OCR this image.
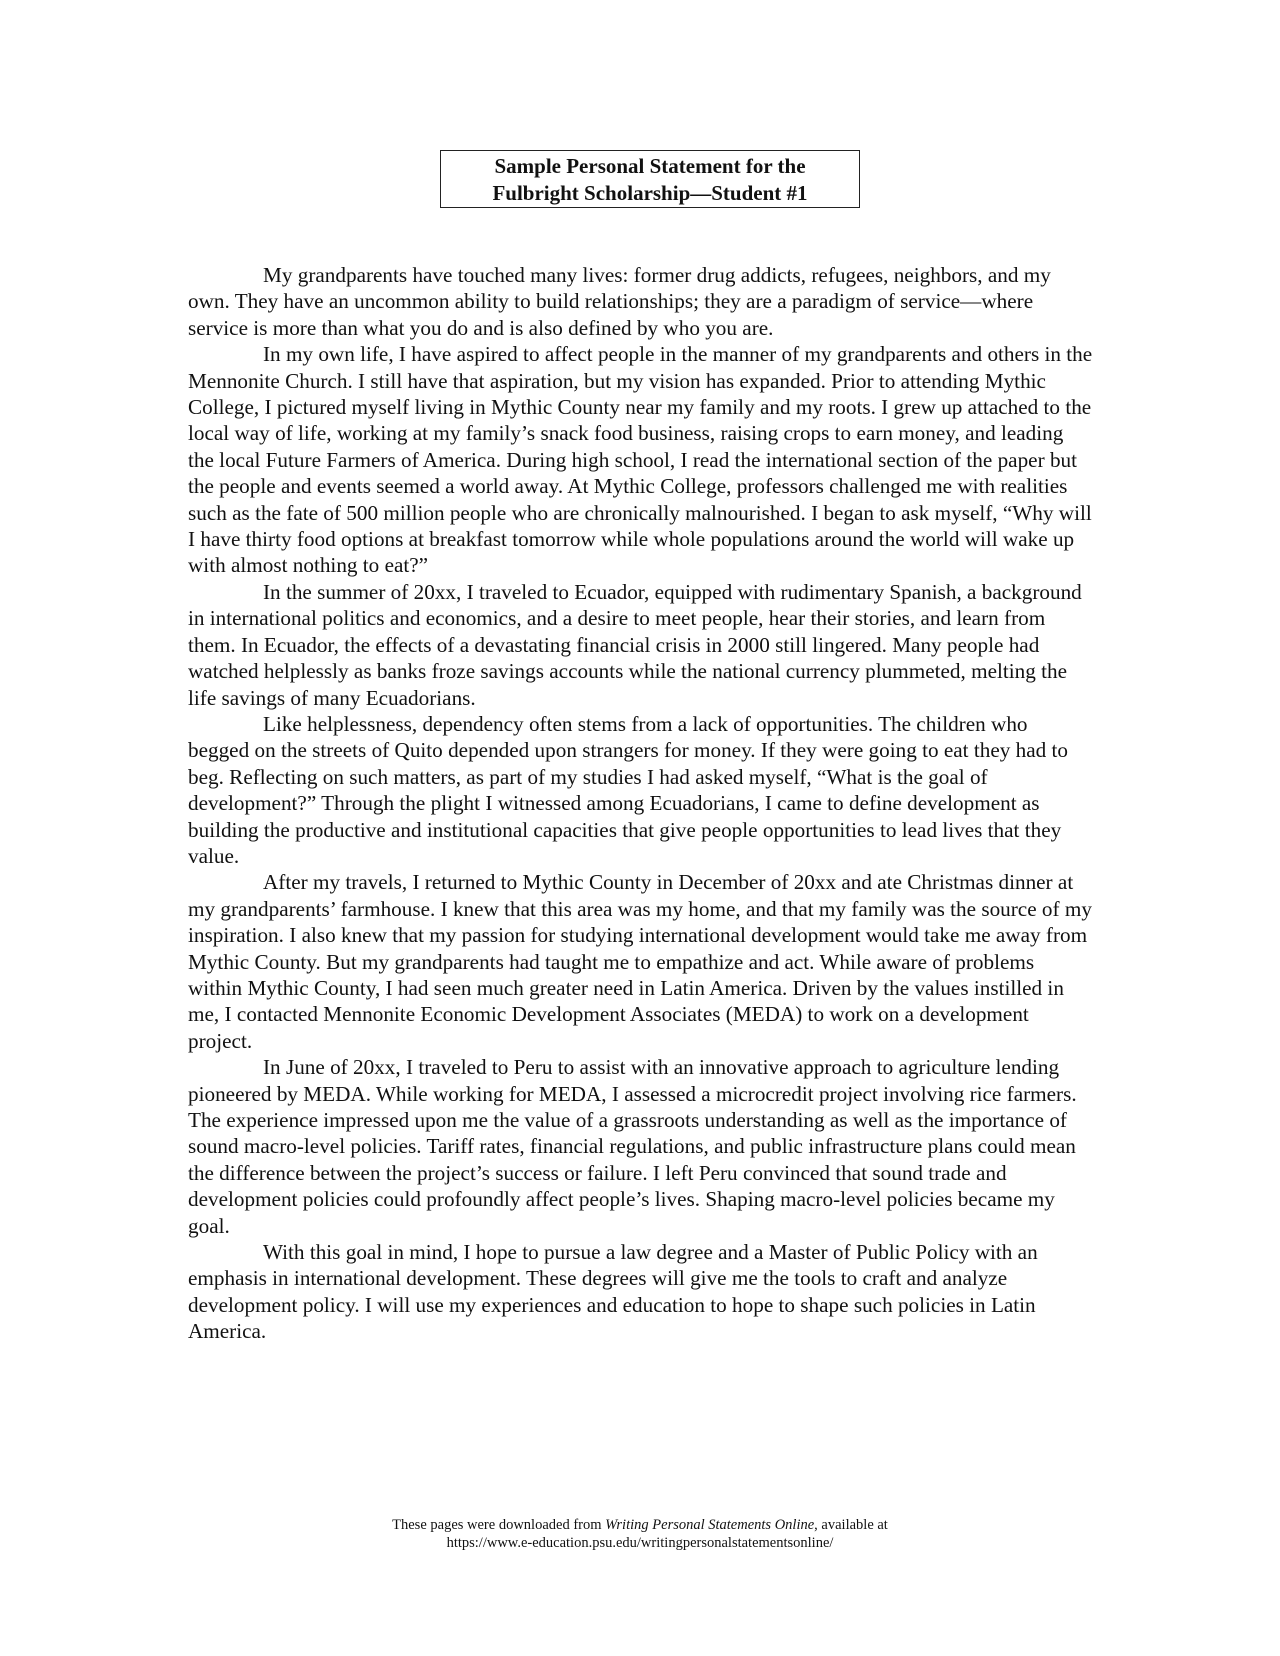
Sample Personal Statement for the
Fulbright Scholarship—Student #1

My grandparents have touched many lives: former drug addicts, refugees, neighbors, and my own. They have an uncommon ability to build relationships; they are a paradigm of service—where service is more than what you do and is also defined by who you are.

In my own life, I have aspired to affect people in the manner of my grandparents and others in the Mennonite Church. I still have that aspiration, but my vision has expanded. Prior to attending Mythic College, I pictured myself living in Mythic County near my family and my roots. I grew up attached to the local way of life, working at my family’s snack food business, raising crops to earn money, and leading the local Future Farmers of America. During high school, I read the international section of the paper but the people and events seemed a world away. At Mythic College, professors challenged me with realities such as the fate of 500 million people who are chronically malnourished. I began to ask myself, “Why will I have thirty food options at breakfast tomorrow while whole populations around the world will wake up with almost nothing to eat?”

In the summer of 20xx, I traveled to Ecuador, equipped with rudimentary Spanish, a background in international politics and economics, and a desire to meet people, hear their stories, and learn from them. In Ecuador, the effects of a devastating financial crisis in 2000 still lingered. Many people had watched helplessly as banks froze savings accounts while the national currency plummeted, melting the life savings of many Ecuadorians.

Like helplessness, dependency often stems from a lack of opportunities. The children who begged on the streets of Quito depended upon strangers for money. If they were going to eat they had to beg. Reflecting on such matters, as part of my studies I had asked myself, “What is the goal of development?” Through the plight I witnessed among Ecuadorians, I came to define development as building the productive and institutional capacities that give people opportunities to lead lives that they value.

After my travels, I returned to Mythic County in December of 20xx and ate Christmas dinner at my grandparents’ farmhouse. I knew that this area was my home, and that my family was the source of my inspiration. I also knew that my passion for studying international development would take me away from Mythic County. But my grandparents had taught me to empathize and act. While aware of problems within Mythic County, I had seen much greater need in Latin America. Driven by the values instilled in me, I contacted Mennonite Economic Development Associates (MEDA) to work on a development project.

In June of 20xx, I traveled to Peru to assist with an innovative approach to agriculture lending pioneered by MEDA. While working for MEDA, I assessed a microcredit project involving rice farmers. The experience impressed upon me the value of a grassroots understanding as well as the importance of sound macro-level policies. Tariff rates, financial regulations, and public infrastructure plans could mean the difference between the project’s success or failure. I left Peru convinced that sound trade and development policies could profoundly affect people’s lives. Shaping macro-level policies became my goal.

With this goal in mind, I hope to pursue a law degree and a Master of Public Policy with an emphasis in international development. These degrees will give me the tools to craft and analyze development policy. I will use my experiences and education to hope to shape such policies in Latin America.

These pages were downloaded from Writing Personal Statements Online, available at
https://www.e-education.psu.edu/writingpersonalstatementsonline/
